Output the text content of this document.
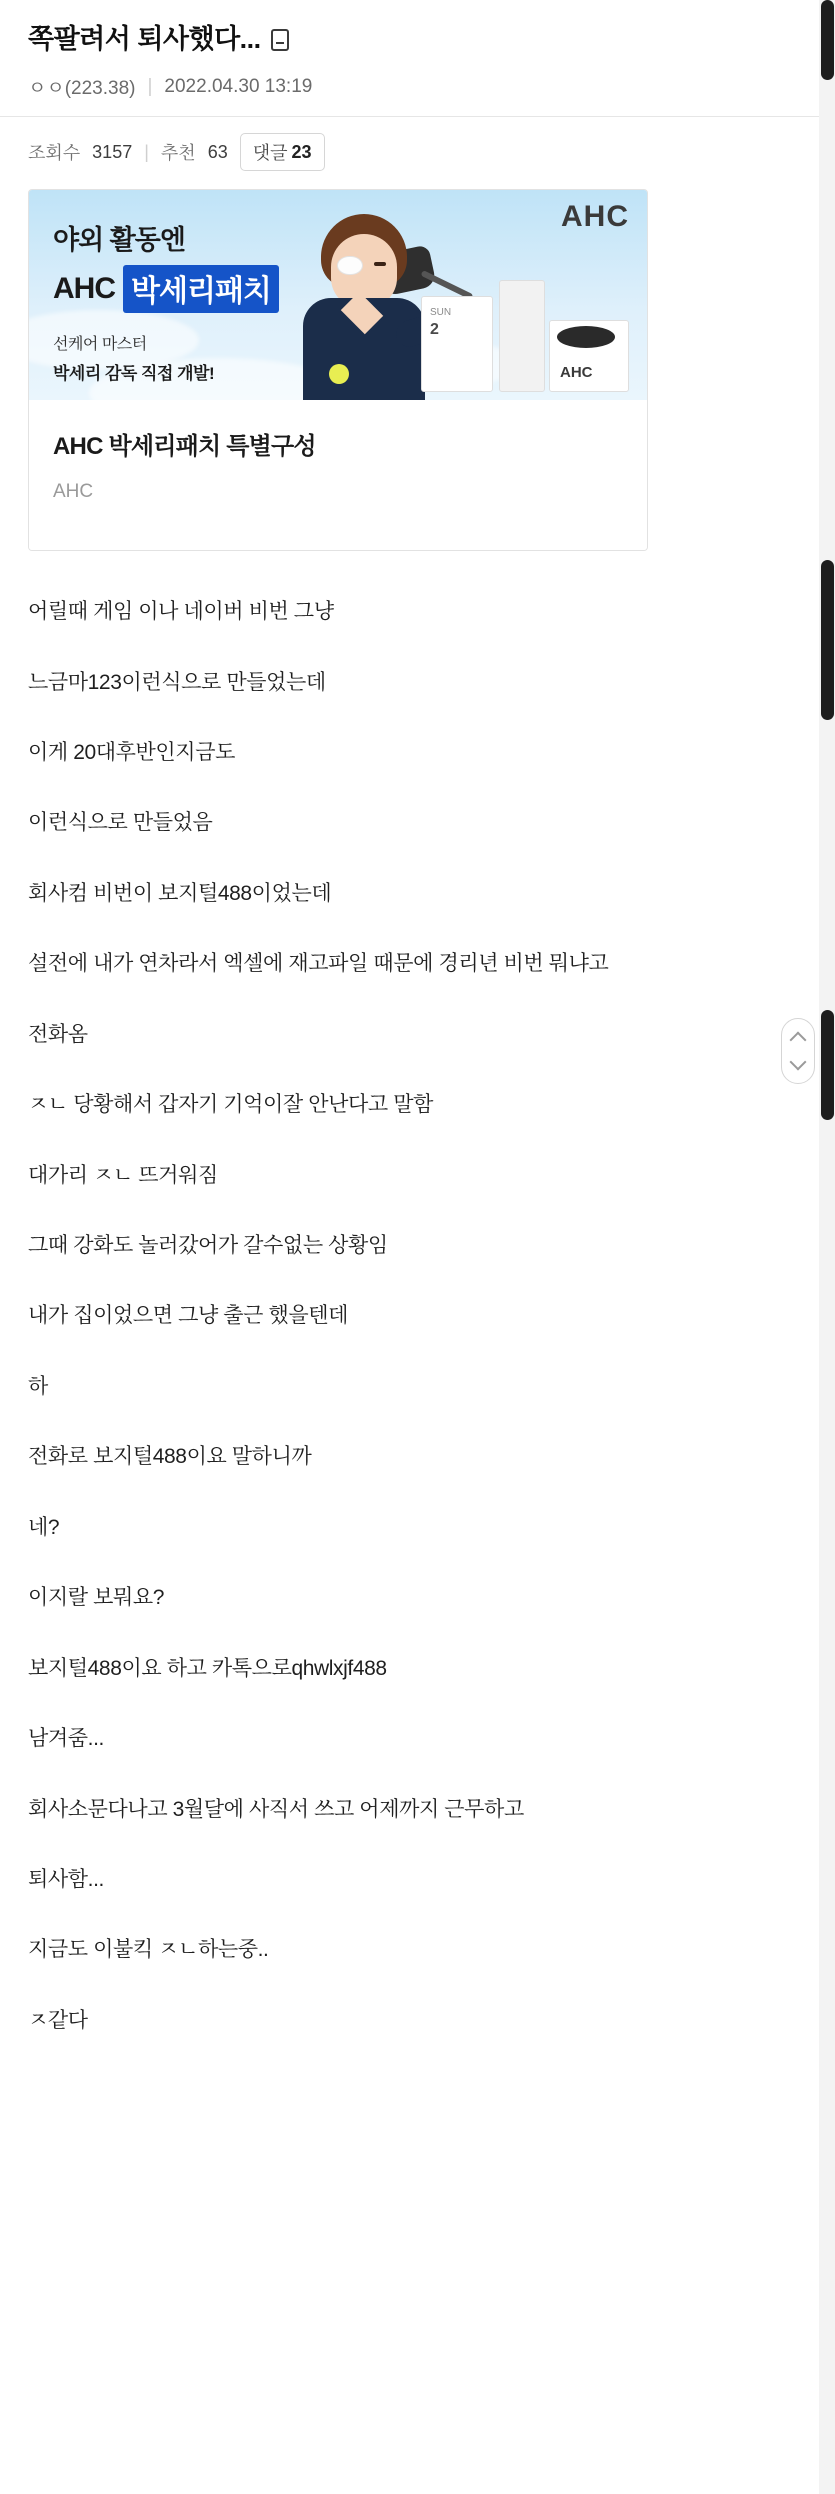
쪽팔려서 퇴사했다...
ㅇㅇ(223.38) | 2022.04.30 13:19
조회수 3157 | 추천 63 댓글 23
AHC
야외 활동엔
AHC 박세리패치
선케어 마스터
박세리 감독 직접 개발!
SUN
2
AHC
AHC 박세리패치 특별구성
AHC

어릴때 게임 이나 네이버 비번 그냥

느금마123이런식으로 만들었는데

이게 20대후반인지금도

이런식으로 만들었음

회사컴 비번이 보지털488이었는데

설전에 내가 연차라서 엑셀에 재고파일 때문에 경리년 비번 뭐냐고

전화옴

ㅈㄴ 당황해서 갑자기 기억이잘 안난다고 말함

대가리 ㅈㄴ 뜨거워짐

그때 강화도 놀러갔어가 갈수없는 상황임

내가 집이었으면 그냥 출근 했을텐데

하

전화로 보지털488이요 말하니까

네?

이지랄 보뭐요?

보지털488이요 하고 카톡으로qhwlxjf488

남겨줌...

회사소문다나고 3월달에 사직서 쓰고 어제까지 근무하고

퇴사함...

지금도 이불킥 ㅈㄴ하는중..

ㅈ같다
